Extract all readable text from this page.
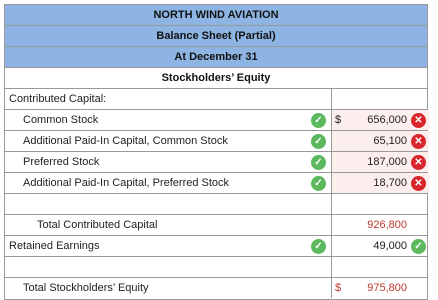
NORTH WIND AVIATION
Balance Sheet (Partial)
At December 31
Stockholders’ Equity
Contributed Capital:
Common Stock	✓	$ 656,000 ✕
Additional Paid-In Capital, Common Stock	✓	65,100 ✕
Preferred Stock	✓	187,000 ✕
Additional Paid-In Capital, Preferred Stock	✓	18,700 ✕
Total Contributed Capital	926,800
Retained Earnings	✓	49,000 ✓
Total Stockholders’ Equity	$ 975,800
